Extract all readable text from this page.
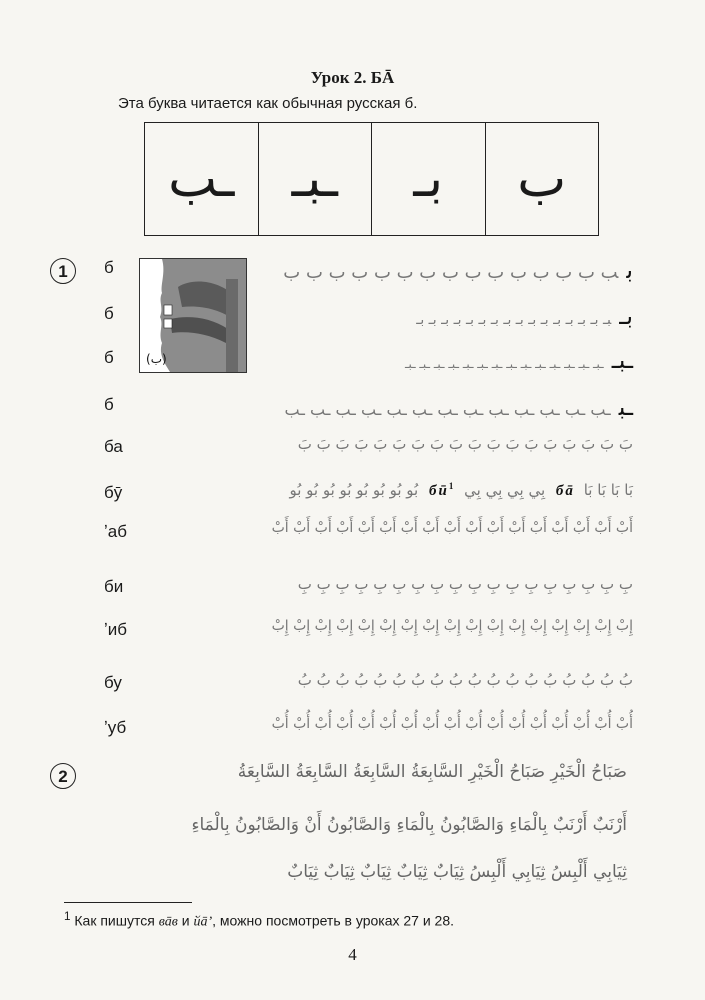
Урок 2. БĀ
Эта буква читается как обычная русская б.
ـب	ـبـ	بـ	ب
1
(ب)
б	بب ب ب ب ب ب ب ب ب ب ب ب ب ب ب
б	بـبـ بـ بـ بـ بـ بـ بـ بـ بـ بـ بـ بـ بـ بـ بـ بـ
б	ـبــبـ ـبـ ـبـ ـبـ ـبـ ـبـ ـبـ ـبـ ـبـ ـبـ ـبـ ـبـ ـبـ ـبـ
б	ـبـب ـب ـب ـب ـب ـب ـب ـب ـب ـب ـب ـب ـب
ба	بَ بَ بَ بَ بَ بَ بَ بَ بَ بَ بَ بَ بَ بَ بَ بَ بَ بَ
бӯ	بَا بَا بَا بَا бā بِي بِي بِي بِي $бӣ^1$ بُو بُو بُو بُو بُو بُو بُو بُو
ʼаб	أَبْ أَبْ أَبْ أَبْ أَبْ أَبْ أَبْ أَبْ أَبْ أَبْ أَبْ أَبْ أَبْ أَبْ أَبْ أَبْ أَبْ
би	بِ بِ بِ بِ بِ بِ بِ بِ بِ بِ بِ بِ بِ بِ بِ بِ بِ بِ
ʼиб	إِبْ إِبْ إِبْ إِبْ إِبْ إِبْ إِبْ إِبْ إِبْ إِبْ إِبْ إِبْ إِبْ إِبْ إِبْ إِبْ إِبْ
бу	بُ بُ بُ بُ بُ بُ بُ بُ بُ بُ بُ بُ بُ بُ بُ بُ بُ بُ
ʼуб	أُبْ أُبْ أُبْ أُبْ أُبْ أُبْ أُبْ أُبْ أُبْ أُبْ أُبْ أُبْ أُبْ أُبْ أُبْ أُبْ أُبْ
2	صَبَاحُ الْخَيْرِ صَبَاحُ الْخَيْرِ السَّابِعَةُ السَّابِعَةُ السَّابِعَةُ السَّابِعَةُ
أَرْنَبٌ أَرْنَبٌ بِالْمَاءِ وَالصَّابُونُ بِالْمَاءِ وَالصَّابُونُ أَنْ وَالصَّابُونُ بِالْمَاءِ
ثِيَابِي أَلْبِسُ ثِيَابِي أَلْبِسُ ثِيَابٌ ثِيَابٌ ثِيَابٌ ثِيَابٌ ثِيَابٌ
$^1$ Как пишутся вāв и йā’, можно посмотреть в уроках 27 и 28.
4
